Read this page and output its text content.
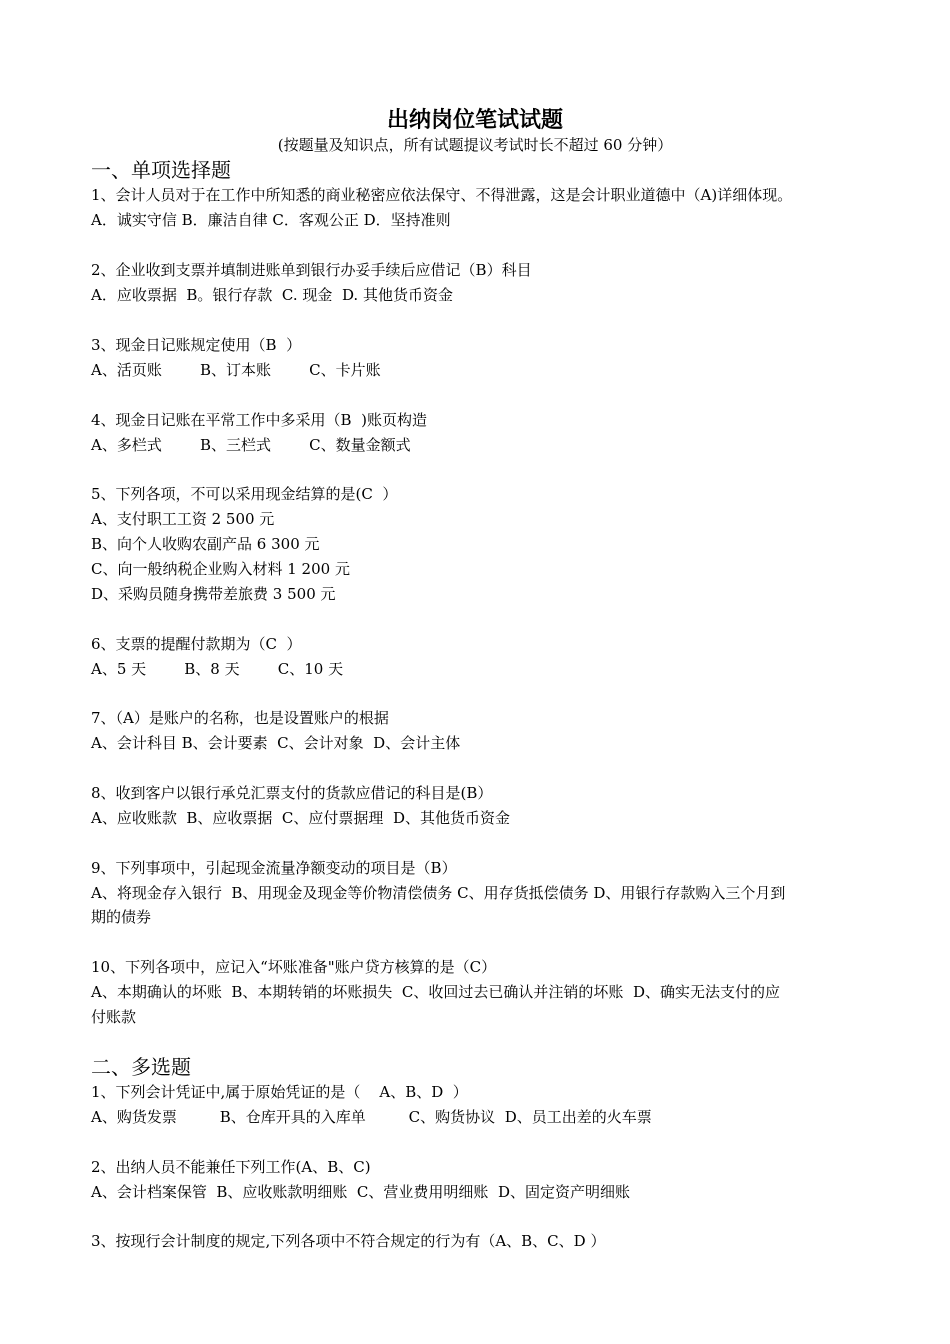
出纳岗位笔试试题
(按题量及知识点，所有试题提议考试时长不超过 60 分钟）
一、单项选择题
1、会计人员对于在工作中所知悉的商业秘密应依法保守、不得泄露，这是会计职业道德中（A)详细体现。
A．诚实守信 B．廉洁自律 C．客观公正 D．坚持准则
2、企业收到支票并填制进账单到银行办妥手续后应借记（B）科目
A．应收票据  B。银行存款  C. 现金  D. 其他货币资金
3、现金日记账规定使用（B  ）
A、活页账        B、订本账        C、卡片账
4、现金日记账在平常工作中多采用（B  )账页构造
A、多栏式        B、三栏式        C、数量金额式
5、下列各项，不可以采用现金结算的是(C  ）
A、支付职工工资 2 500 元
B、向个人收购农副产品 6 300 元
C、向一般纳税企业购入材料 1 200 元
D、采购员随身携带差旅费 3 500 元
6、支票的提醒付款期为（C  ）
A、5 天        B、8 天        C、10 天
7、（A）是账户的名称，也是设置账户的根据
A、会计科目 B、会计要素  C、会计对象  D、会计主体
8、收到客户以银行承兑汇票支付的货款应借记的科目是(B）
A、应收账款  B、应收票据  C、应付票据理  D、其他货币资金
9、下列事项中，引起现金流量净额变动的项目是（B）
A、将现金存入银行  B、用现金及现金等价物清偿债务 C、用存货抵偿债务 D、用银行存款购入三个月到
期的债券
10、下列各项中，应记入“坏账准备"账户贷方核算的是（C）
A、本期确认的坏账  B、本期转销的坏账损失  C、收回过去已确认并注销的坏账  D、确实无法支付的应
付账款
二、多选题
1、下列会计凭证中,属于原始凭证的是（    A、B、D  ）
A、购货发票         B、仓库开具的入库单         C、购货协议  D、员工出差的火车票
2、出纳人员不能兼任下列工作(A、B、C)
A、会计档案保管  B、应收账款明细账  C、营业费用明细账  D、固定资产明细账
3、按现行会计制度的规定,下列各项中不符合规定的行为有（A、B、C、D ）
